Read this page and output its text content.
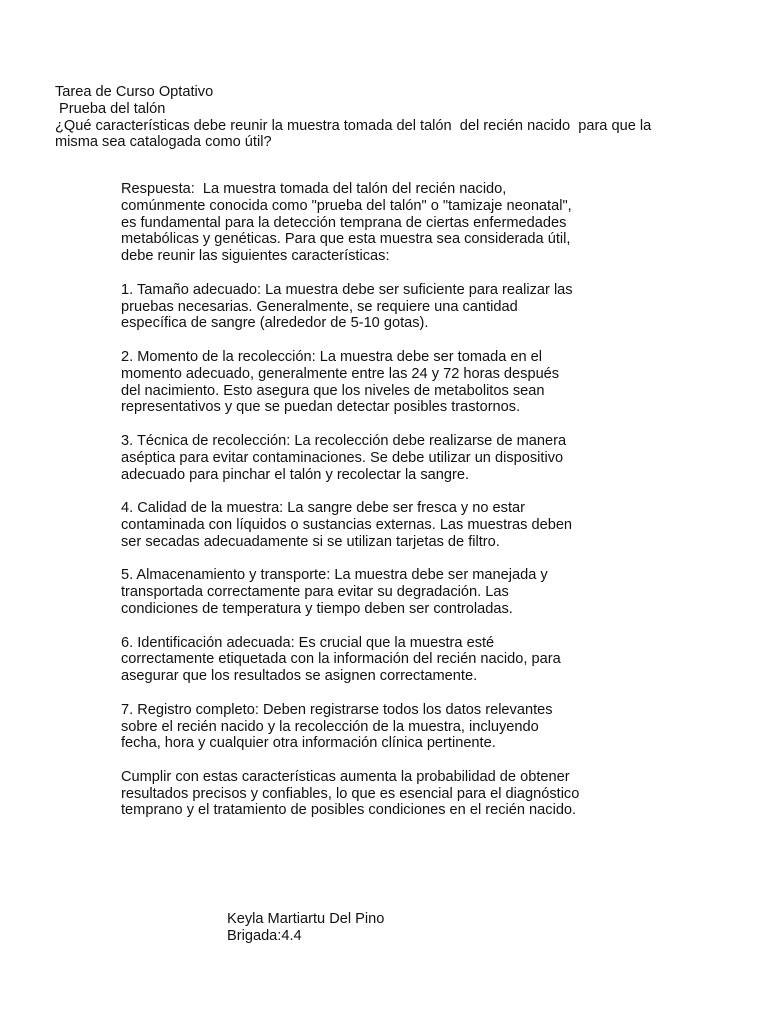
Tarea de Curso Optativo
Prueba del talón
¿Qué características debe reunir la muestra tomada del talón  del recién nacido  para que la
misma sea catalogada como útil?
Respuesta:  La muestra tomada del talón del recién nacido,
comúnmente conocida como "prueba del talón" o "tamizaje neonatal",
es fundamental para la detección temprana de ciertas enfermedades
metabólicas y genéticas. Para que esta muestra sea considerada útil,
debe reunir las siguientes características:
1. Tamaño adecuado: La muestra debe ser suficiente para realizar las
pruebas necesarias. Generalmente, se requiere una cantidad
específica de sangre (alrededor de 5-10 gotas).
2. Momento de la recolección: La muestra debe ser tomada en el
momento adecuado, generalmente entre las 24 y 72 horas después
del nacimiento. Esto asegura que los niveles de metabolitos sean
representativos y que se puedan detectar posibles trastornos.
3. Técnica de recolección: La recolección debe realizarse de manera
aséptica para evitar contaminaciones. Se debe utilizar un dispositivo
adecuado para pinchar el talón y recolectar la sangre.
4. Calidad de la muestra: La sangre debe ser fresca y no estar
contaminada con líquidos o sustancias externas. Las muestras deben
ser secadas adecuadamente si se utilizan tarjetas de filtro.
5. Almacenamiento y transporte: La muestra debe ser manejada y
transportada correctamente para evitar su degradación. Las
condiciones de temperatura y tiempo deben ser controladas.
6. Identificación adecuada: Es crucial que la muestra esté
correctamente etiquetada con la información del recién nacido, para
asegurar que los resultados se asignen correctamente.
7. Registro completo: Deben registrarse todos los datos relevantes
sobre el recién nacido y la recolección de la muestra, incluyendo
fecha, hora y cualquier otra información clínica pertinente.
Cumplir con estas características aumenta la probabilidad de obtener
resultados precisos y confiables, lo que es esencial para el diagnóstico
temprano y el tratamiento de posibles condiciones en el recién nacido.
Keyla Martiartu Del Pino
Brigada:4.4
